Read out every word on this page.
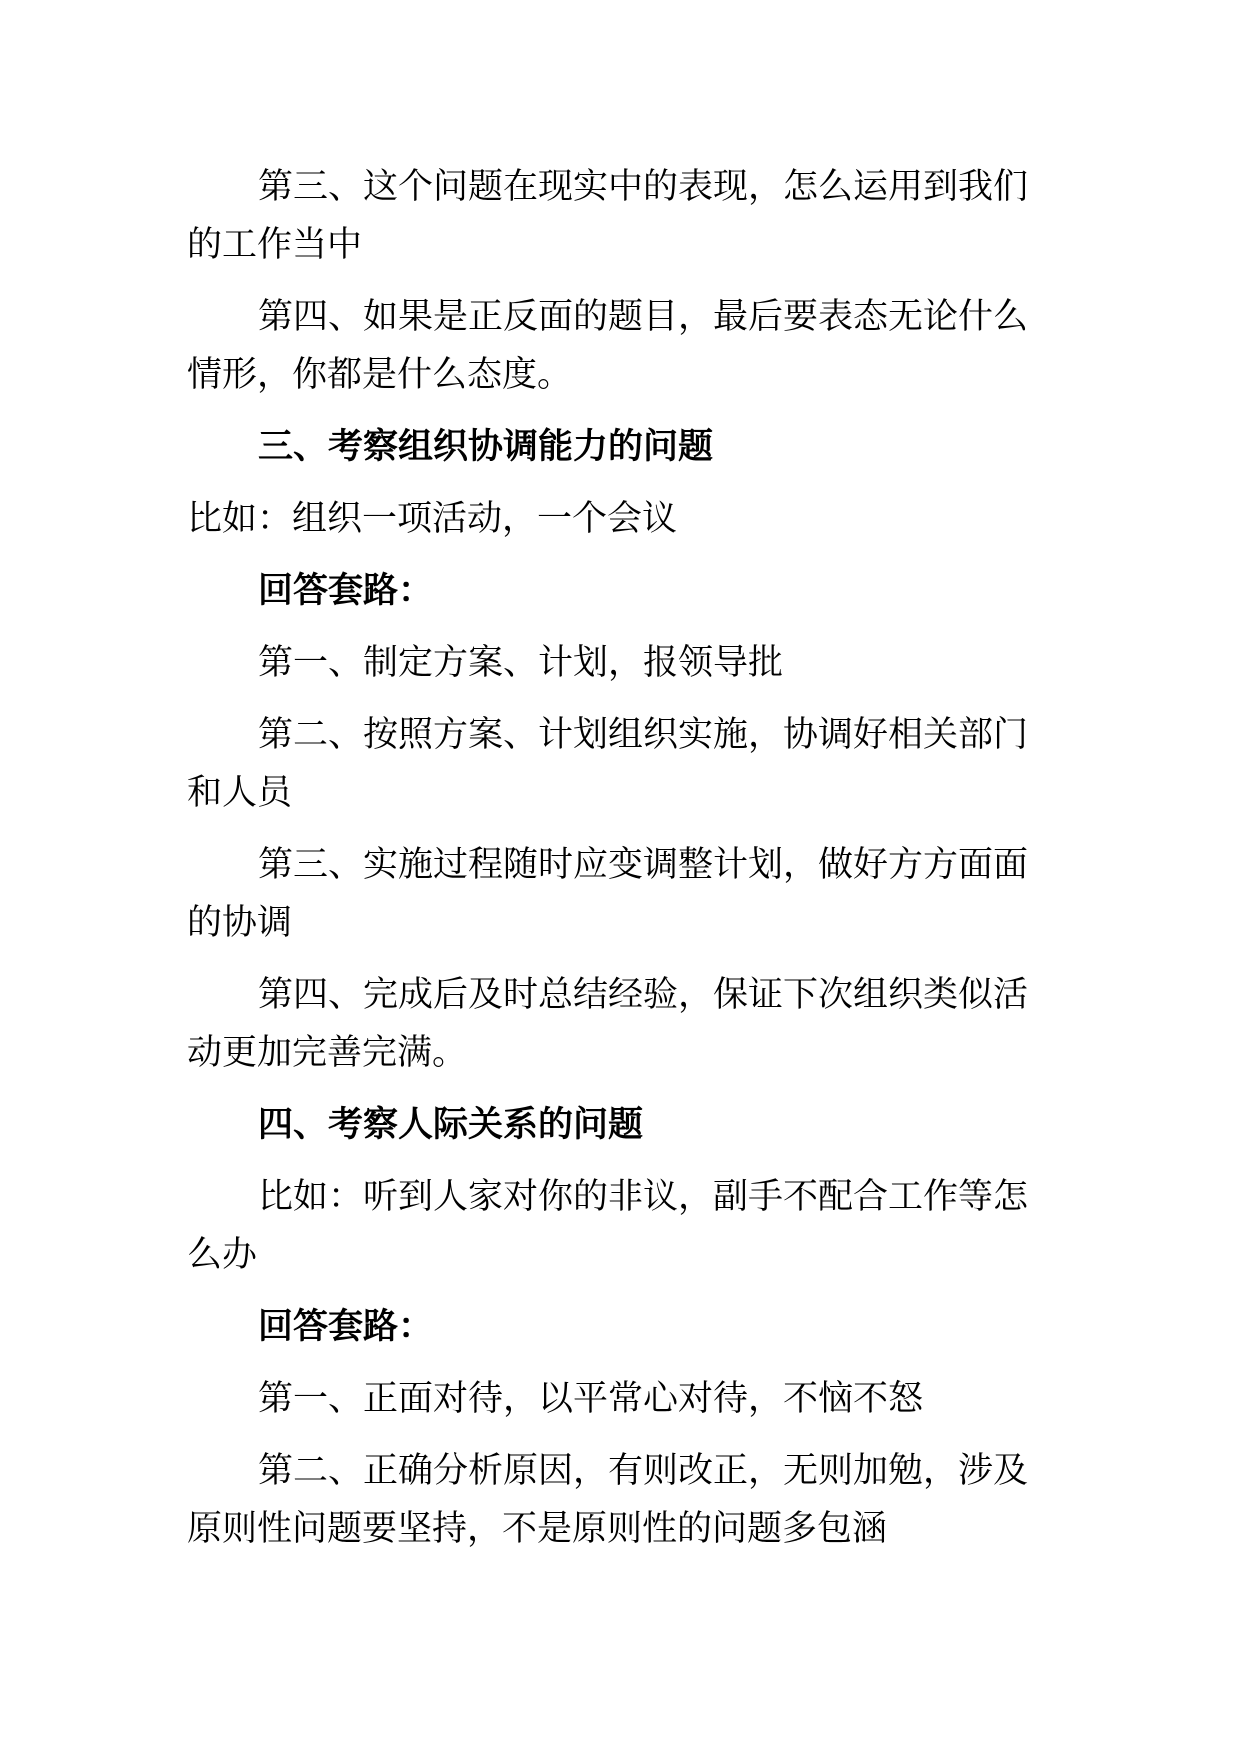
第三、这个问题在现实中的表现，怎么运用到我们
的工作当中
第四、如果是正反面的题目，最后要表态无论什么
情形，你都是什么态度。
三、考察组织协调能力的问题
比如：组织一项活动，一个会议
回答套路：
第一、制定方案、计划，报领导批
第二、按照方案、计划组织实施，协调好相关部门
和人员
第三、实施过程随时应变调整计划，做好方方面面
的协调
第四、完成后及时总结经验，保证下次组织类似活
动更加完善完满。
四、考察人际关系的问题
比如：听到人家对你的非议，副手不配合工作等怎
么办
回答套路：
第一、正面对待，以平常心对待，不恼不怒
第二、正确分析原因，有则改正，无则加勉，涉及
原则性问题要坚持，不是原则性的问题多包涵
